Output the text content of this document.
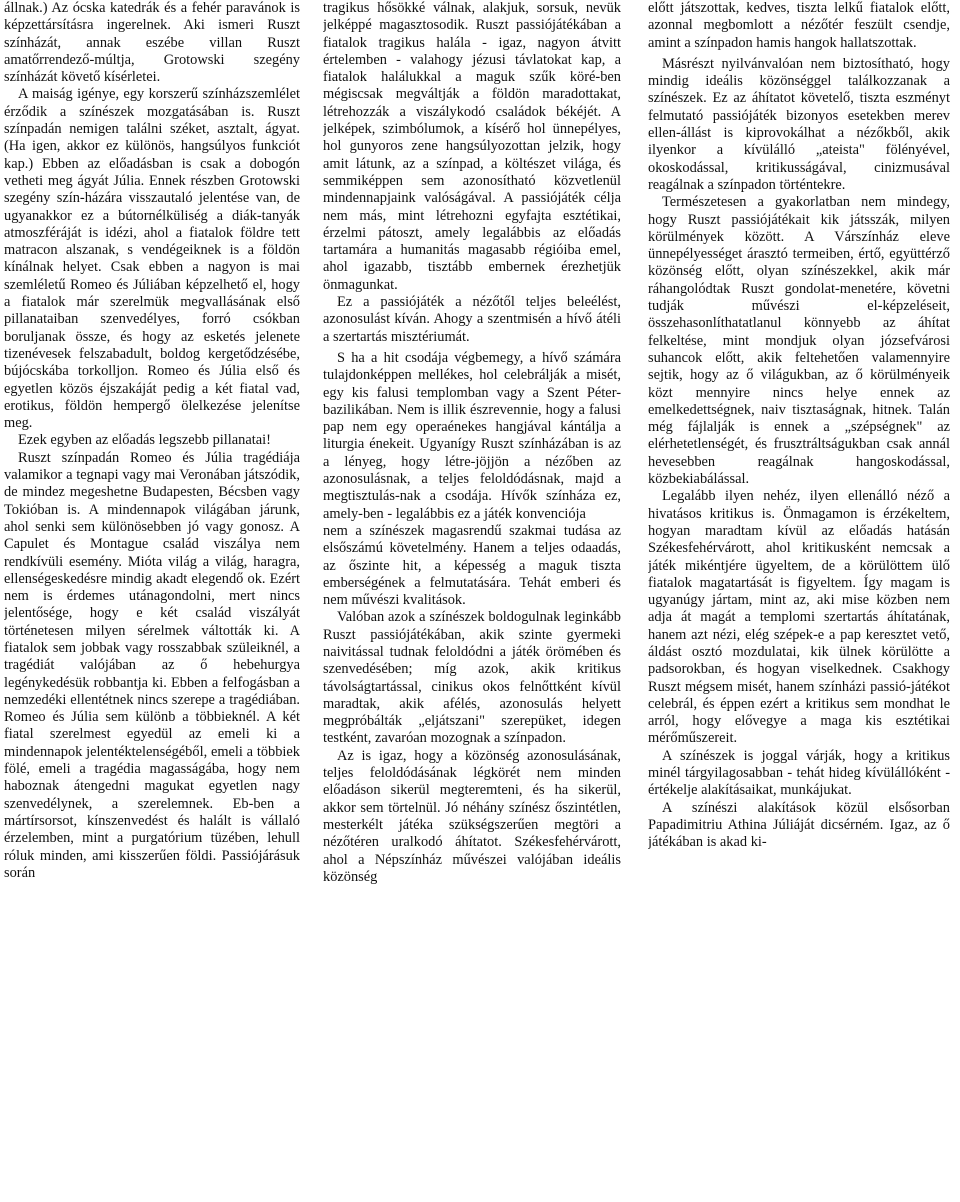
állnak.) Az ócska katedrák és a fehér paravánok is képzettársításra ingerelnek. Aki ismeri Ruszt színházát, annak eszébe villan Ruszt amatőrrendező-múltja, Grotowski szegény színházát követő kísérletei.

A maiság igénye, egy korszerű színházszemlélet érződik a színészek mozgatásában is. Ruszt színpadán nemigen találni széket, asztalt, ágyat. (Ha igen, akkor ez különös, hangsúlyos funkciót kap.) Ebben az előadásban is csak a dobogón vetheti meg ágyát Júlia. Ennek részben Grotowski szegény szín-házára visszautaló jelentése van, de ugyanakkor ez a bútornélküliség a diák-tanyák atmoszféráját is idézi, ahol a fiatalok földre tett matracon alszanak, s vendégeiknek is a földön kínálnak helyet. Csak ebben a nagyon is mai szemléletű Romeo és Júliában képzelhető el, hogy a fiatalok már szerelmük megvallásának első pillanataiban szenvedélyes, forró csókban boruljanak össze, és hogy az esketés jelenete tizenévesek felszabadult, boldog kergetődzésébe, bújócskába torkolljon. Romeo és Júlia első és egyetlen közös éjszakáját pedig a két fiatal vad, erotikus, földön hempergő ölelkezése jelenítse meg.

Ezek egyben az előadás legszebb pillanatai!

Ruszt színpadán Romeo és Júlia tragédiája valamikor a tegnapi vagy mai Veronában játszódik, de mindez megeshetne Budapesten, Bécsben vagy Tokióban is. A mindennapok világában járunk, ahol senki sem különösebben jó vagy gonosz. A Capulet és Montague család viszálya nem rendkívüli esemény. Mióta világ a világ, haragra, ellenségeskedésre mindig akadt elegendő ok. Ezért nem is érdemes utánagondolni, mert nincs jelentősége, hogy e két család viszályát történetesen milyen sérelmek váltották ki. A fiatalok sem jobbak vagy rosszabbak szüleiknél, a tragédiát valójában az ő hebehurgya legénykedésük robbantja ki. Ebben a felfogásban a nemzedéki ellentétnek nincs szerepe a tragédiában. Romeo és Júlia sem különb a többieknél. A két fiatal szerelmest egyedül az emeli ki a mindennapok jelentéktelenségéből, emeli a többiek fölé, emeli a tragédia magasságába, hogy nem haboznak átengedni magukat egyetlen nagy szenvedélynek, a szerelemnek. Eb-ben a mártírsorsot, kínszenvedést és halált is vállaló érzelemben, mint a purgatórium tüzében, lehull róluk minden, ami kisszerűen földi. Passiójárásuk során

tragikus hősökké válnak, alakjuk, sorsuk, nevük jelképpé magasztosodik. Ruszt passiójátékában a fiatalok tragikus halála - igaz, nagyon átvitt értelemben - valahogy jézusi távlatokat kap, a fiatalok halálukkal a maguk szűk köré-ben mégiscsak megváltják a földön maradottakat, létrehozzák a viszálykodó családok békéjét. A jelképek, szimbólumok, a kísérő hol ünnepélyes, hol gunyoros zene hangsúlyozottan jelzik, hogy amit látunk, az a színpad, a költészet világa, és semmiképpen sem azonosítható közvetlenül mindennapjaink valóságával. A passiójáték célja nem más, mint létrehozni egyfajta esztétikai, érzelmi pátoszt, amely legalábbis az előadás tartamára a humanitás magasabb régióiba emel, ahol igazabb, tisztább embernek érezhetjük önmagunkat.

Ez a passiójáték a nézőtől teljes beleélést, azonosulást kíván. Ahogy a szentmisén a hívő átéli a szertartás misztériumát.

S ha a hit csodája végbemegy, a hívő számára tulajdonképpen mellékes, hol celebrálják a misét, egy kis falusi templomban vagy a Szent Péter-bazilikában. Nem is illik észrevennie, hogy a falusi pap nem egy operaénekes hangjával kántálja a liturgia énekeit. Ugyanígy Ruszt színházában is az a lényeg, hogy létre-jöjjön a nézőben az azonosulásnak, a teljes feloldódásnak, majd a megtisztulás-nak a csodája. Hívők színháza ez, amely-ben - legalábbis ez a játék konvenciója

nem a színészek magasrendű szakmai tudása az elsőszámú követelmény. Hanem a teljes odaadás, az őszinte hit, a képesség a maguk tiszta emberségének a felmutatására. Tehát emberi és nem művészi kvalitások.

Valóban azok a színészek boldogulnak leginkább Ruszt passiójátékában, akik szinte gyermeki naivitással tudnak feloldódni a játék örömében és szenvedésében; míg azok, akik kritikus távolságtartással, cinikus okos felnőttként kívül maradtak, akik afélés, azonosulás helyett megpróbálták „eljátszani" szerepüket, idegen testként, zavaróan mozognak a színpadon.

Az is igaz, hogy a közönség azonosulásának, teljes feloldódásának légkörét nem minden előadáson sikerül megteremteni, és ha sikerül, akkor sem törtelnül. Jó néhány színész őszintétlen, mesterkélt játéka szükségszerűen megtöri a nézőtéren uralkodó áhítatot. Székesfehérvárott, ahol a Népszínház művészei valójában ideális közönség

előtt játszottak, kedves, tiszta lelkű fiatalok előtt, azonnal megbomlott a nézőtér feszült csendje, amint a színpadon hamis hangok hallatszottak.

Másrészt nyilvánvalóan nem biztosítható, hogy mindig ideális közönséggel találkozzanak a színészek. Ez az áhítatot követelő, tiszta eszményt felmutató passiójáték bizonyos esetekben merev ellen-állást is kiprovokálhat a nézőkből, akik ilyenkor a kívülálló „ateista" fölényével, okoskodással, kritikusságával, cinizmusával reagálnak a színpadon történtekre.

Természetesen a gyakorlatban nem mindegy, hogy Ruszt passiójátékait kik játsszák, milyen körülmények között. A Várszínház eleve ünnepélyességet árasztó termeiben, értő, együttérző közönség előtt, olyan színészekkel, akik már ráhangolódtak Ruszt gondolat-menetére, követni tudják művészi el-képzeléseit, összehasonlíthatatlanul könnyebb az áhítat felkeltése, mint mondjuk olyan józsefvárosi suhancok előtt, akik feltehetően valamennyire sejtik, hogy az ő világukban, az ő körülményeik közt mennyire nincs helye ennek az emelkedettségnek, naiv tisztaságnak, hitnek. Talán még fájlalják is ennek a „szépségnek" az elérhetetlenségét, és frusztráltságukban csak annál hevesebben reagálnak hangoskodással, közbekiabálással.

Legalább ilyen nehéz, ilyen ellenálló néző a hivatásos kritikus is. Önmagamon is érzékeltem, hogyan maradtam kívül az előadás hatásán Székesfehérvárott, ahol kritikusként nemcsak a játék mikéntjére ügyeltem, de a körülöttem ülő fiatalok magatartását is figyeltem. Így magam is ugyanúgy jártam, mint az, aki mise közben nem adja át magát a templomi szertartás áhítatának, hanem azt nézi, elég szépek-e a pap keresztet vető, áldást osztó mozdulatai, kik ülnek körülötte a padsorokban, és hogyan viselkednek. Csakhogy Ruszt mégsem misét, hanem színházi passió-játékot celebrál, és éppen ezért a kritikus sem mondhat le arról, hogy elővegye a maga kis esztétikai mérőműszereit.

A színészek is joggal várják, hogy a kritikus minél tárgyilagosabban - tehát hideg kívülállóként - értékelje alakításaikat, munkájukat.

A színészi alakítások közül elsősorban Papadimitriu Athina Júliáját dicsérném. Igaz, az ő játékában is akad ki-
